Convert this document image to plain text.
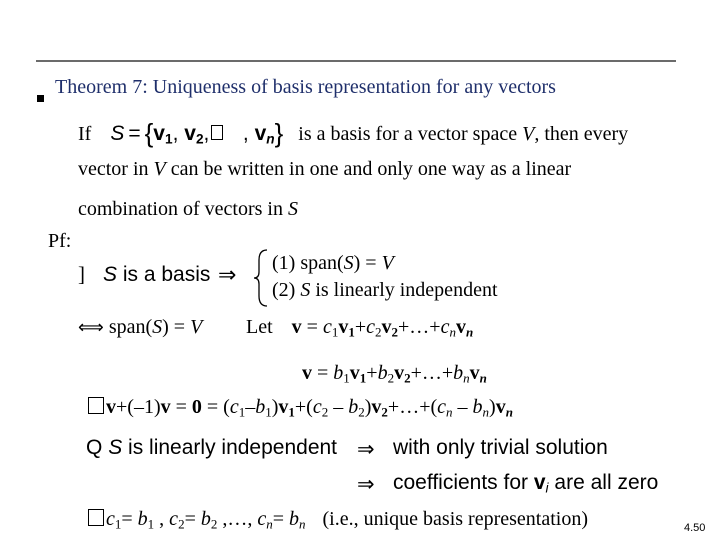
Theorem 7: Uniqueness of basis representation for any vectors
If $S = \{v_1$, $v_2$,   , $v_n$} is a basis for a vector space V, then every
vector in V can be written in one and only one way as a linear
combination of vectors in S
Pf:
] S is a basis ⇒ (1) span(S) = V
(2) S is linearly independent
⟺ span(S) = V Let $v = c_1v_1+c_2v_2+\dots+c_nv_n$
$v = b_1v_1+b_2v_2+\dots+b_nv_n$
$v+(-1)v = 0 = (c_1-b_1)v_1+(c_2$ – $b_2)v_2+\dots+(c_n - b_n)v_n$
Q S is linearly independent ⇒ with only trivial solution
⇒ coefficients for $v_i$ are all zero
$c_1= b_1$ , $c_2= b_2$ ,…, $c_n= b_n$ (i.e., unique basis representation)	4.50
